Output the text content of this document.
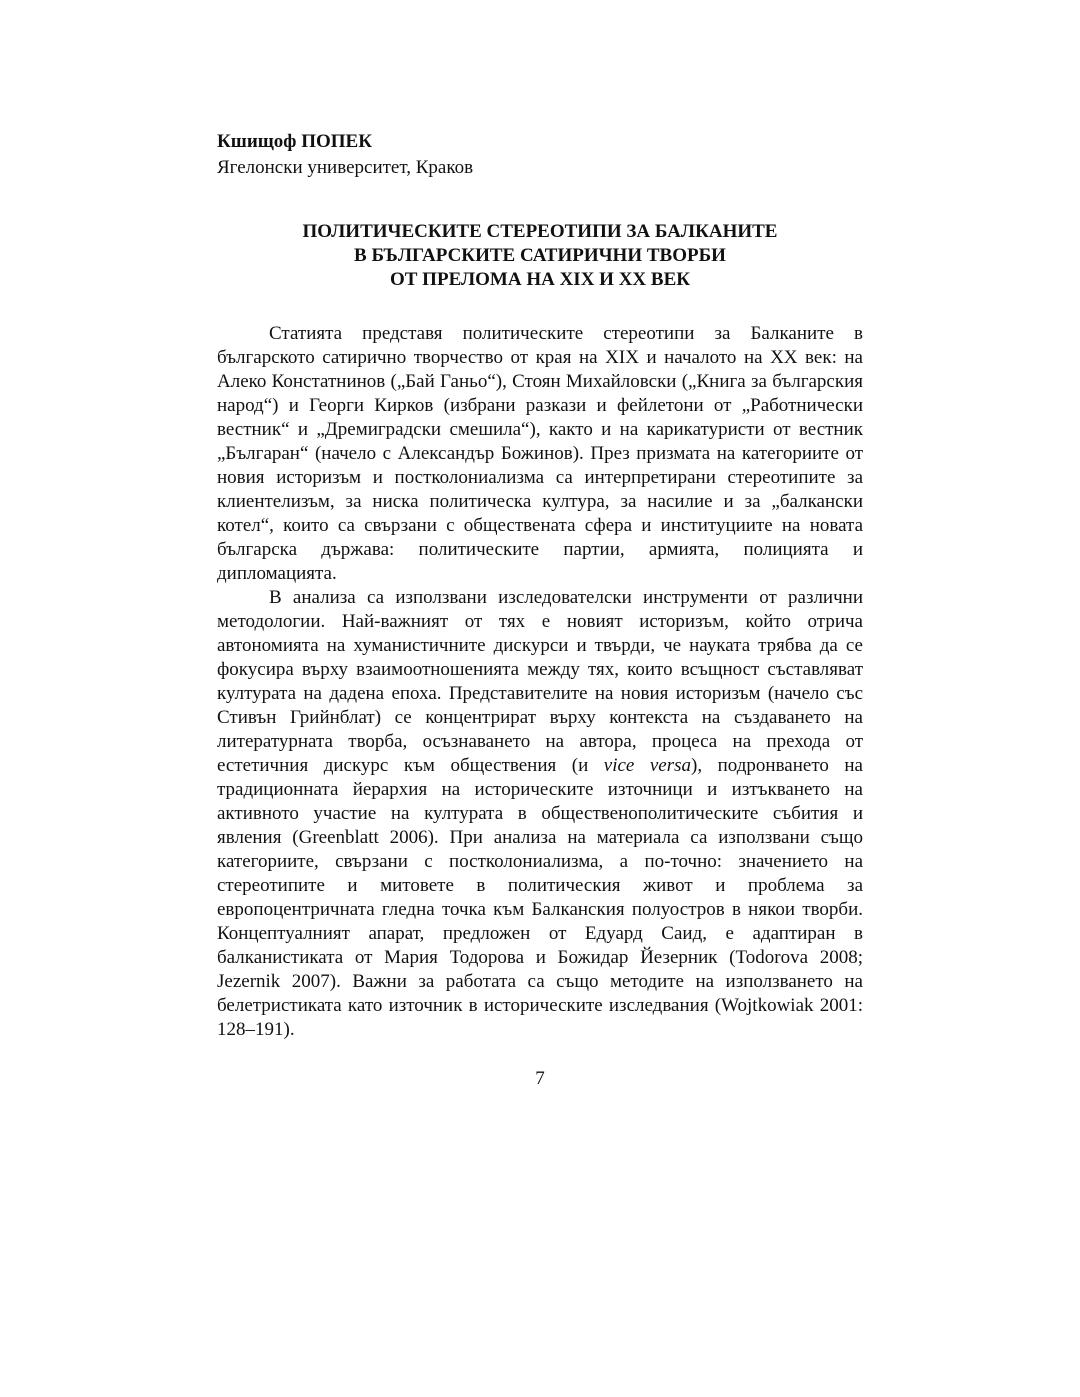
Кшищоф ПОПЕК

Ягелонски университет, Краков

ПОЛИТИЧЕСКИТЕ СТЕРЕОТИПИ ЗА БАЛКАНИТЕ
В БЪЛГАРСКИТЕ САТИРИЧНИ ТВОРБИ
ОТ ПРЕЛОМА НА XIX И XX ВЕК

Статията представя политическите стереотипи за Балканите в българското сатирично творчество от края на XIX и началото на XX век: на Алеко Констатнинов („Бай Ганьо“), Стоян Михайловски („Книга за българския народ“) и Георги Кирков (избрани разкази и фейлетони от „Работнически вестник“ и „Дремиградски смешила“), както и на карикатуристи от вестник „Българан“ (начело с Александър Божинов). През призмата на категориите от новия историзъм и постколониализма са интерпретирани стереотипите за клиентелизъм, за ниска политическа култура, за насилие и за „балкански котел“, които са свързани с обществената сфера и институциите на новата българска държава: политическите партии, армията, полицията и дипломацията.

В анализа са използвани изследователски инструменти от различни методологии. Най-важният от тях е новият историзъм, който отрича автономията на хуманистичните дискурси и твърди, че науката трябва да се фокусира върху взаимоотношенията между тях, които всъщност съставляват културата на дадена епоха. Представителите на новия историзъм (начело със Стивън Грийнблат) се концентрират върху контекста на създаването на литературната творба, осъзнаването на автора, процеса на прехода от естетичния дискурс към обществения (и vice versa), подронването на традиционната йерархия на историческите източници и изтъкването на активното участие на културата в общественополитическите събития и явления (Greenblatt 2006). При анализа на материала са използвани също категориите, свързани с постколониализма, а по-точно: значението на стереотипите и митовете в политическия живот и проблема за европоцентричната гледна точка към Балканския полуостров в някои творби. Концептуалният апарат, предложен от Едуард Саид, е адаптиран в балканистиката от Мария Тодорова и Божидар Йезерник (Todorova 2008; Jezernik 2007). Важни за работата са също методите на използването на белетристиката като източник в историческите изследвания (Wojtkowiak 2001: 128–191).

7
